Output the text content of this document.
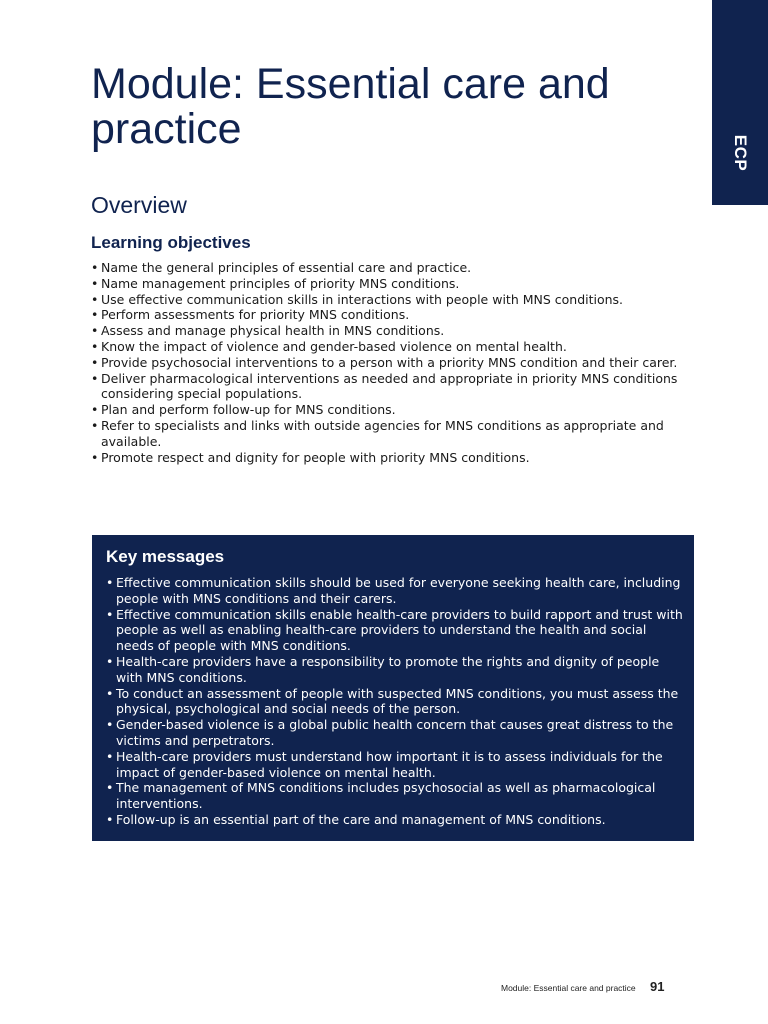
ECP
Module: Essential care and practice
Overview
Learning objectives
• Name the general principles of essential care and practice.
• Name management principles of priority MNS conditions.
• Use effective communication skills in interactions with people with MNS conditions.
• Perform assessments for priority MNS conditions.
• Assess and manage physical health in MNS conditions.
• Know the impact of violence and gender-based violence on mental health.
• Provide psychosocial interventions to a person with a priority MNS condition and their carer.
• Deliver pharmacological interventions as needed and appropriate in priority MNS conditions considering special populations.
• Plan and perform follow-up for MNS conditions.
• Refer to specialists and links with outside agencies for MNS conditions as appropriate and available.
• Promote respect and dignity for people with priority MNS conditions.
Key messages
• Effective communication skills should be used for everyone seeking health care, including people with MNS conditions and their carers.
• Effective communication skills enable health-care providers to build rapport and trust with people as well as enabling health-care providers to understand the health and social needs of people with MNS conditions.
• Health-care providers have a responsibility to promote the rights and dignity of people with MNS conditions.
• To conduct an assessment of people with suspected MNS conditions, you must assess the physical, psychological and social needs of the person.
• Gender-based violence is a global public health concern that causes great distress to the victims and perpetrators.
• Health-care providers must understand how important it is to assess individuals for the impact of gender-based violence on mental health.
• The management of MNS conditions includes psychosocial as well as pharmacological interventions.
• Follow-up is an essential part of the care and management of MNS conditions.
Module: Essential care and practice 91
